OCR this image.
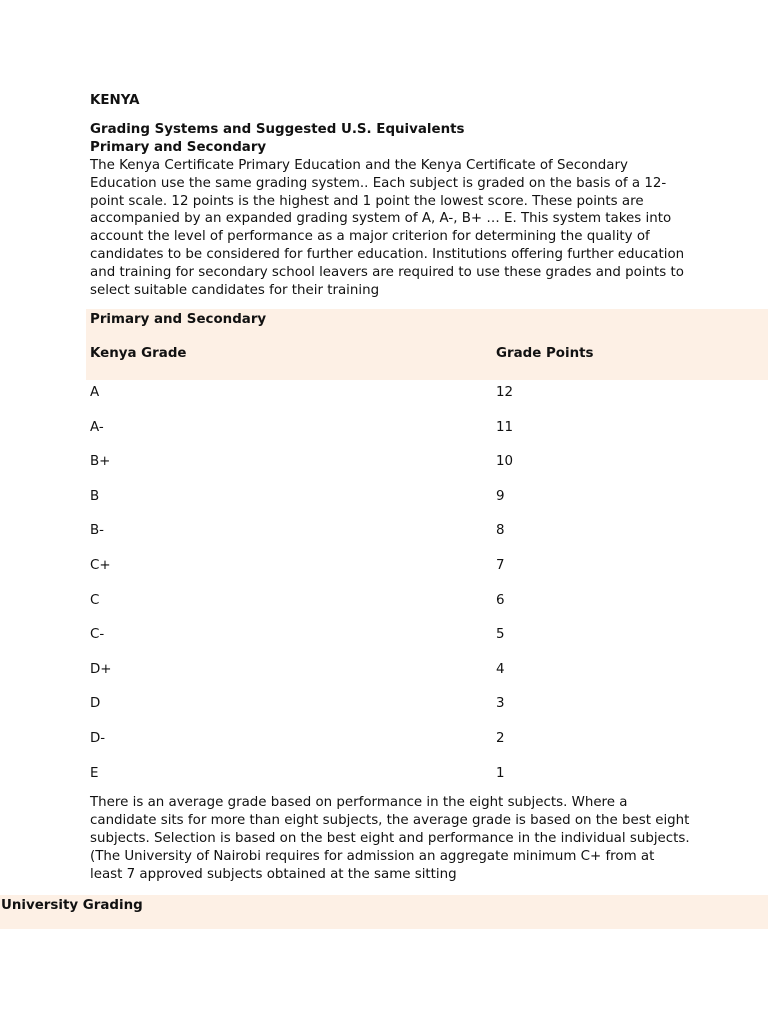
KENYA

Grading Systems and Suggested U.S. Equivalents

Primary and Secondary

The Kenya Certificate Primary Education and the Kenya Certificate of Secondary Education use the same grading system.. Each subject is graded on the basis of a 12-point scale. 12 points is the highest and 1 point the lowest score. These points are accompanied by an expanded grading system of A, A-, B+ … E. This system takes into account the level of performance as a major criterion for determining the quality of candidates to be considered for further education. Institutions offering further education and training for secondary school leavers are required to use these grades and points to select suitable candidates for their training

Primary and Secondary
Kenya Grade	Grade Points
A	12
A-	11
B+	10
B	9
B-	8
C+	7
C	6
C-	5
D+	4
D	3
D-	2
E	1

There is an average grade based on performance in the eight subjects. Where a candidate sits for more than eight subjects, the average grade is based on the best eight subjects. Selection is based on the best eight and performance in the individual subjects. (The University of Nairobi requires for admission an aggregate minimum C+ from at least 7 approved subjects obtained at the same sitting

University Grading
